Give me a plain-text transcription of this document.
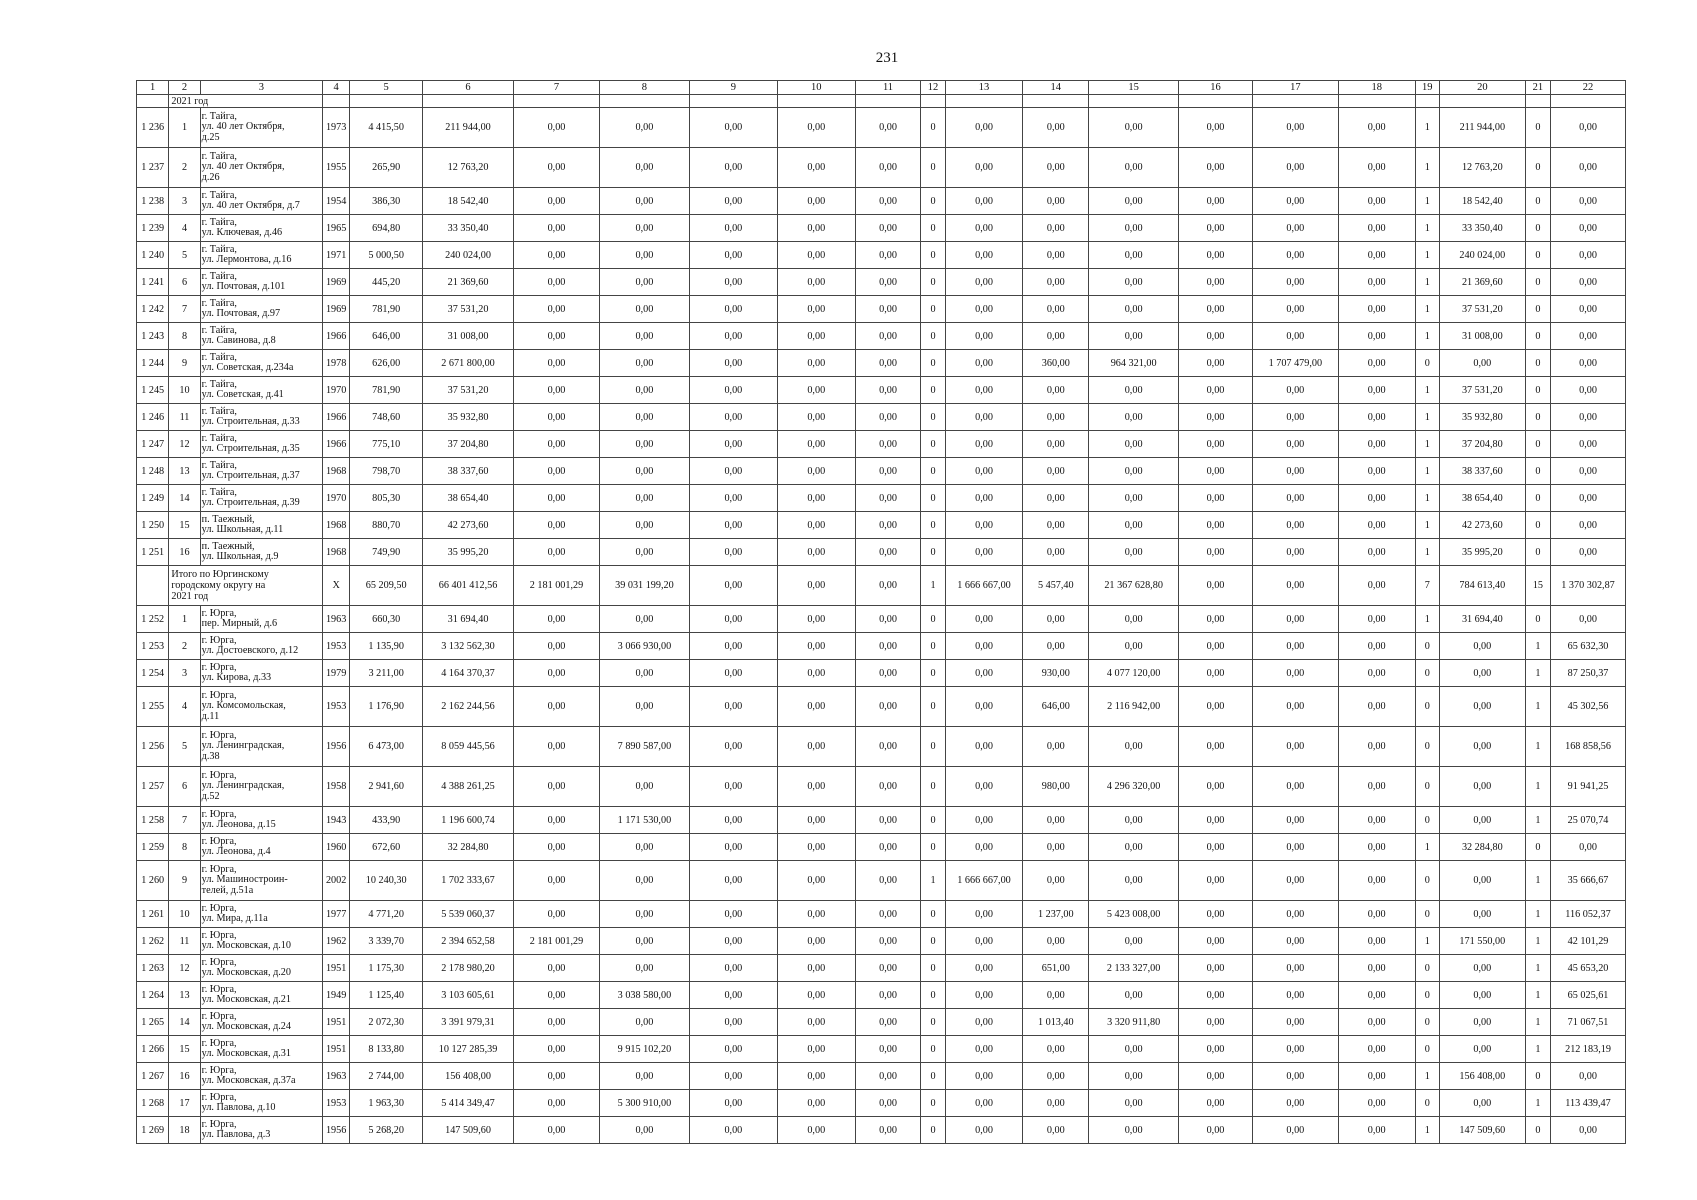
231
1	2	3	4	5	6	7	8	9	10	11	12	13	14	15	16	17	18	19	20	21	22
	2021 год																				
1 236	1	г. Тайга,
ул. 40 лет Октября,
д.25	1973	4 415,50	211 944,00	0,00	0,00	0,00	0,00	0,00	0	0,00	0,00	0,00	0,00	0,00	0,00	1	211 944,00	0	0,00
1 237	2	г. Тайга,
ул. 40 лет Октября,
д.26	1955	265,90	12 763,20	0,00	0,00	0,00	0,00	0,00	0	0,00	0,00	0,00	0,00	0,00	0,00	1	12 763,20	0	0,00
1 238	3	г. Тайга,
ул. 40 лет Октября, д.7	1954	386,30	18 542,40	0,00	0,00	0,00	0,00	0,00	0	0,00	0,00	0,00	0,00	0,00	0,00	1	18 542,40	0	0,00
1 239	4	г. Тайга,
ул. Ключевая, д.46	1965	694,80	33 350,40	0,00	0,00	0,00	0,00	0,00	0	0,00	0,00	0,00	0,00	0,00	0,00	1	33 350,40	0	0,00
1 240	5	г. Тайга,
ул. Лермонтова, д.16	1971	5 000,50	240 024,00	0,00	0,00	0,00	0,00	0,00	0	0,00	0,00	0,00	0,00	0,00	0,00	1	240 024,00	0	0,00
1 241	6	г. Тайга,
ул. Почтовая, д.101	1969	445,20	21 369,60	0,00	0,00	0,00	0,00	0,00	0	0,00	0,00	0,00	0,00	0,00	0,00	1	21 369,60	0	0,00
1 242	7	г. Тайга,
ул. Почтовая, д.97	1969	781,90	37 531,20	0,00	0,00	0,00	0,00	0,00	0	0,00	0,00	0,00	0,00	0,00	0,00	1	37 531,20	0	0,00
1 243	8	г. Тайга,
ул. Савинова, д.8	1966	646,00	31 008,00	0,00	0,00	0,00	0,00	0,00	0	0,00	0,00	0,00	0,00	0,00	0,00	1	31 008,00	0	0,00
1 244	9	г. Тайга,
ул. Советская, д.234а	1978	626,00	2 671 800,00	0,00	0,00	0,00	0,00	0,00	0	0,00	360,00	964 321,00	0,00	1 707 479,00	0,00	0	0,00	0	0,00
1 245	10	г. Тайга,
ул. Советская, д.41	1970	781,90	37 531,20	0,00	0,00	0,00	0,00	0,00	0	0,00	0,00	0,00	0,00	0,00	0,00	1	37 531,20	0	0,00
1 246	11	г. Тайга,
ул. Строительная, д.33	1966	748,60	35 932,80	0,00	0,00	0,00	0,00	0,00	0	0,00	0,00	0,00	0,00	0,00	0,00	1	35 932,80	0	0,00
1 247	12	г. Тайга,
ул. Строительная, д.35	1966	775,10	37 204,80	0,00	0,00	0,00	0,00	0,00	0	0,00	0,00	0,00	0,00	0,00	0,00	1	37 204,80	0	0,00
1 248	13	г. Тайга,
ул. Строительная, д.37	1968	798,70	38 337,60	0,00	0,00	0,00	0,00	0,00	0	0,00	0,00	0,00	0,00	0,00	0,00	1	38 337,60	0	0,00
1 249	14	г. Тайга,
ул. Строительная, д.39	1970	805,30	38 654,40	0,00	0,00	0,00	0,00	0,00	0	0,00	0,00	0,00	0,00	0,00	0,00	1	38 654,40	0	0,00
1 250	15	п. Таежный,
ул. Школьная, д.11	1968	880,70	42 273,60	0,00	0,00	0,00	0,00	0,00	0	0,00	0,00	0,00	0,00	0,00	0,00	1	42 273,60	0	0,00
1 251	16	п. Таежный,
ул. Школьная, д.9	1968	749,90	35 995,20	0,00	0,00	0,00	0,00	0,00	0	0,00	0,00	0,00	0,00	0,00	0,00	1	35 995,20	0	0,00
	Итого по Юргинскому
городскому округу на
2021 год		Х	65 209,50	66 401 412,56	2 181 001,29	39 031 199,20	0,00	0,00	0,00	1	1 666 667,00	5 457,40	21 367 628,80	0,00	0,00	0,00	7	784 613,40	15	1 370 302,87
1 252	1	г. Юрга,
пер. Мирный, д.6	1963	660,30	31 694,40	0,00	0,00	0,00	0,00	0,00	0	0,00	0,00	0,00	0,00	0,00	0,00	1	31 694,40	0	0,00
1 253	2	г. Юрга,
ул. Достоевского, д.12	1953	1 135,90	3 132 562,30	0,00	3 066 930,00	0,00	0,00	0,00	0	0,00	0,00	0,00	0,00	0,00	0,00	0	0,00	1	65 632,30
1 254	3	г. Юрга,
ул. Кирова, д.33	1979	3 211,00	4 164 370,37	0,00	0,00	0,00	0,00	0,00	0	0,00	930,00	4 077 120,00	0,00	0,00	0,00	0	0,00	1	87 250,37
1 255	4	г. Юрга,
ул. Комсомольская,
д.11	1953	1 176,90	2 162 244,56	0,00	0,00	0,00	0,00	0,00	0	0,00	646,00	2 116 942,00	0,00	0,00	0,00	0	0,00	1	45 302,56
1 256	5	г. Юрга,
ул. Ленинградская,
д.38	1956	6 473,00	8 059 445,56	0,00	7 890 587,00	0,00	0,00	0,00	0	0,00	0,00	0,00	0,00	0,00	0,00	0	0,00	1	168 858,56
1 257	6	г. Юрга,
ул. Ленинградская,
д.52	1958	2 941,60	4 388 261,25	0,00	0,00	0,00	0,00	0,00	0	0,00	980,00	4 296 320,00	0,00	0,00	0,00	0	0,00	1	91 941,25
1 258	7	г. Юрга,
ул. Леонова, д.15	1943	433,90	1 196 600,74	0,00	1 171 530,00	0,00	0,00	0,00	0	0,00	0,00	0,00	0,00	0,00	0,00	0	0,00	1	25 070,74
1 259	8	г. Юрга,
ул. Леонова, д.4	1960	672,60	32 284,80	0,00	0,00	0,00	0,00	0,00	0	0,00	0,00	0,00	0,00	0,00	0,00	1	32 284,80	0	0,00
1 260	9	г. Юрга,
ул. Машиностроин-
телей, д.51а	2002	10 240,30	1 702 333,67	0,00	0,00	0,00	0,00	0,00	1	1 666 667,00	0,00	0,00	0,00	0,00	0,00	0	0,00	1	35 666,67
1 261	10	г. Юрга,
ул. Мира, д.11а	1977	4 771,20	5 539 060,37	0,00	0,00	0,00	0,00	0,00	0	0,00	1 237,00	5 423 008,00	0,00	0,00	0,00	0	0,00	1	116 052,37
1 262	11	г. Юрга,
ул. Московская, д.10	1962	3 339,70	2 394 652,58	2 181 001,29	0,00	0,00	0,00	0,00	0	0,00	0,00	0,00	0,00	0,00	0,00	1	171 550,00	1	42 101,29
1 263	12	г. Юрга,
ул. Московская, д.20	1951	1 175,30	2 178 980,20	0,00	0,00	0,00	0,00	0,00	0	0,00	651,00	2 133 327,00	0,00	0,00	0,00	0	0,00	1	45 653,20
1 264	13	г. Юрга,
ул. Московская, д.21	1949	1 125,40	3 103 605,61	0,00	3 038 580,00	0,00	0,00	0,00	0	0,00	0,00	0,00	0,00	0,00	0,00	0	0,00	1	65 025,61
1 265	14	г. Юрга,
ул. Московская, д.24	1951	2 072,30	3 391 979,31	0,00	0,00	0,00	0,00	0,00	0	0,00	1 013,40	3 320 911,80	0,00	0,00	0,00	0	0,00	1	71 067,51
1 266	15	г. Юрга,
ул. Московская, д.31	1951	8 133,80	10 127 285,39	0,00	9 915 102,20	0,00	0,00	0,00	0	0,00	0,00	0,00	0,00	0,00	0,00	0	0,00	1	212 183,19
1 267	16	г. Юрга,
ул. Московская, д.37а	1963	2 744,00	156 408,00	0,00	0,00	0,00	0,00	0,00	0	0,00	0,00	0,00	0,00	0,00	0,00	1	156 408,00	0	0,00
1 268	17	г. Юрга,
ул. Павлова, д.10	1953	1 963,30	5 414 349,47	0,00	5 300 910,00	0,00	0,00	0,00	0	0,00	0,00	0,00	0,00	0,00	0,00	0	0,00	1	113 439,47
1 269	18	г. Юрга,
ул. Павлова, д.3	1956	5 268,20	147 509,60	0,00	0,00	0,00	0,00	0,00	0	0,00	0,00	0,00	0,00	0,00	0,00	1	147 509,60	0	0,00
